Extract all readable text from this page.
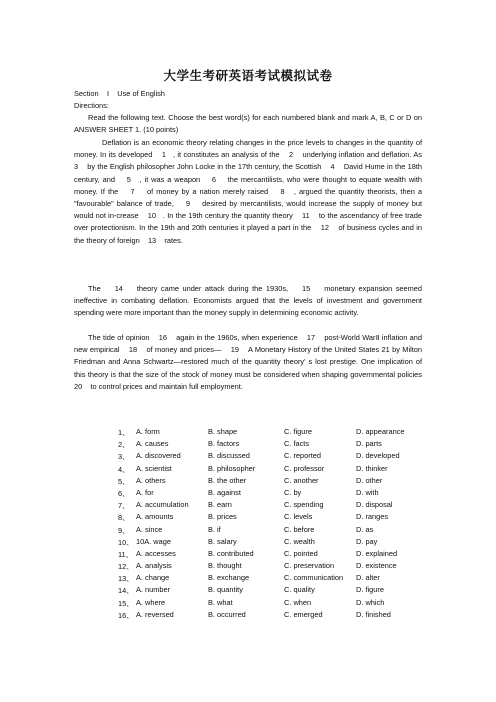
大学生考研英语考试模拟试卷
Section    Ⅰ    Use of English
Directions:
Read the following text. Choose the best word(s) for each numbered blank and mark A, B, C or D on ANSWER SHEET 1. (10 points)
Deflation is an economic theory relating changes in the price levels to changes in the quantity of money. In its developed    1   , it constitutes an analysis of the    2    underlying inflation and deflation. As    3    by the English philosopher John Locke in the 17th century, the Scottish    4    David Hume in the 18th century, and    5   , it was a weapon    6    the mercantilists, who were thought to equate wealth with money. If the    7    of money by a nation merely raised    8   , argued the quantity theorists, then a "favourable" balance of trade,    9    desired by mercantilists, would increase the supply of money but would not in-crease    10   . In the 19th century the quantity theory    11    to the ascendancy of free trade over protectionism. In the 19th and 20th centuries it played a part in the    12    of business cycles and in the theory of foreign    13    rates.
The    14    theory came under attack during the 1930s,    15    monetary expansion seemed ineffective in combating deflation. Economists argued that the levels of investment and government spending were more important than the money supply in determining economic activity.
The tide of opinion    16    again in the 1960s, when experience    17    post-World WarⅡ inflation and new empirical    18    of money and prices—    19    A Monetary History of the United States 21 by Milton Friedman and Anna Schwartz—restored much of the quantity theory' s lost prestige. One implication of this theory is that the size of the stock of money must be considered when shaping governmental policies    20    to control prices and maintain full employment.
1、 A. form	B. shape	C. figure	D. appearance
2、 A. causes	B. factors	C. facts	D. parts
3、 A. discovered	B. discussed	C. reported	D. developed
4、 A. scientist	B. philosopher	C. professor	D. thinker
5、 A. others	B. the other	C. another	D. other
6、 A. for	B. against	C. by	D. with
7、 A. accumulation	B. earn	C. spending	D. disposal
8、 A. amounts	B. prices	C. levels	D. ranges
9、 A. since	B. if	C. before	D. as
10、 10A. wage	B. salary	C. wealth	D. pay
11、 A. accesses	B. contributed	C. pointed	D. explained
12、 A. analysis	B. thought	C. preservation	D. existence
13、 A. change	B. exchange	C. communication D. alter
14、 A. number	B. quantity	C. quality	D. figure
15、 A. where	B. what	C. when	D. which
16、 A. reversed	B. occurred	C. emerged	D. finished
